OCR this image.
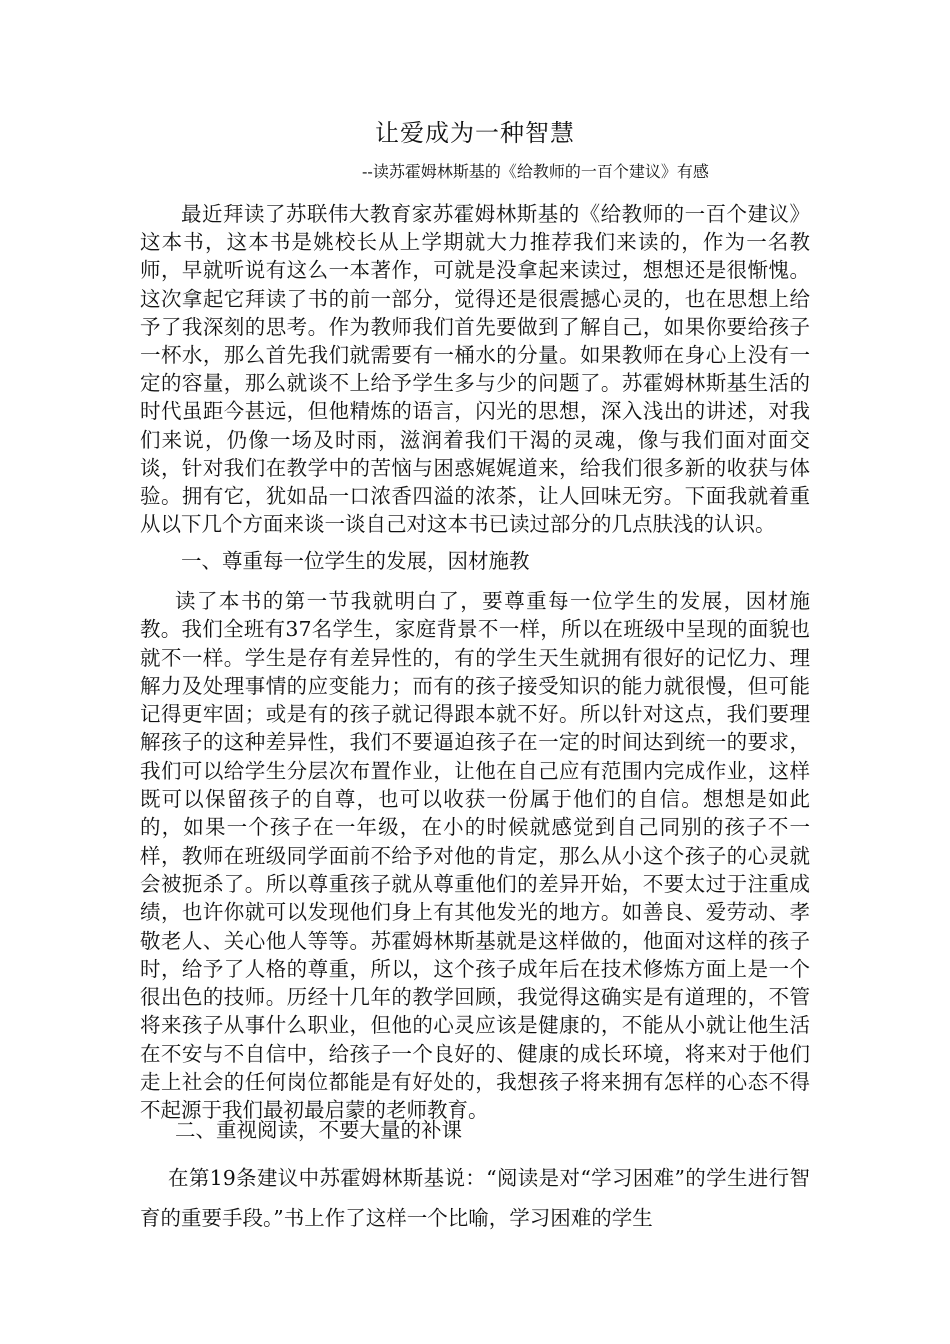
让爱成为一种智慧
--读苏霍姆林斯基的《给教师的一百个建议》有感

最近拜读了苏联伟大教育家苏霍姆林斯基的《给教师的一百个建议》这本书，这本书是姚校长从上学期就大力推荐我们来读的，作为一名教师，早就听说有这么一本著作，可就是没拿起来读过，想想还是很惭愧。这次拿起它拜读了书的前一部分，觉得还是很震撼心灵的，也在思想上给予了我深刻的思考。作为教师我们首先要做到了解自己，如果你要给孩子一杯水，那么首先我们就需要有一桶水的分量。如果教师在身心上没有一定的容量，那么就谈不上给予学生多与少的问题了。苏霍姆林斯基生活的时代虽距今甚远，但他精炼的语言，闪光的思想，深入浅出的讲述，对我们来说，仍像一场及时雨，滋润着我们干渴的灵魂，像与我们面对面交谈，针对我们在教学中的苦恼与困惑娓娓道来，给我们很多新的收获与体验。拥有它，犹如品一口浓香四溢的浓茶，让人回味无穷。下面我就着重从以下几个方面来谈一谈自己对这本书已读过部分的几点肤浅的认识。

一、尊重每一位学生的发展，因材施教

读了本书的第一节我就明白了，要尊重每一位学生的发展，因材施教。我们全班有37名学生，家庭背景不一样，所以在班级中呈现的面貌也就不一样。学生是存有差异性的，有的学生天生就拥有很好的记忆力、理解力及处理事情的应变能力；而有的孩子接受知识的能力就很慢，但可能记得更牢固；或是有的孩子就记得跟本就不好。所以针对这点，我们要理解孩子的这种差异性，我们不要逼迫孩子在一定的时间达到统一的要求，我们可以给学生分层次布置作业，让他在自己应有范围内完成作业，这样既可以保留孩子的自尊，也可以收获一份属于他们的自信。想想是如此的，如果一个孩子在一年级，在小的时候就感觉到自己同别的孩子不一样，教师在班级同学面前不给予对他的肯定，那么从小这个孩子的心灵就会被扼杀了。所以尊重孩子就从尊重他们的差异开始，不要太过于注重成绩，也许你就可以发现他们身上有其他发光的地方。如善良、爱劳动、孝敬老人、关心他人等等。苏霍姆林斯基就是这样做的，他面对这样的孩子时，给予了人格的尊重，所以，这个孩子成年后在技术修炼方面上是一个很出色的技师。历经十几年的教学回顾，我觉得这确实是有道理的，不管将来孩子从事什么职业，但他的心灵应该是健康的，不能从小就让他生活在不安与不自信中，给孩子一个良好的、健康的成长环境，将来对于他们走上社会的任何岗位都能是有好处的，我想孩子将来拥有怎样的心态不得不起源于我们最初最启蒙的老师教育。

二、重视阅读，不要大量的补课

在第19条建议中苏霍姆林斯基说：“阅读是对“学习困难”的学生进行智育的重要手段。”书上作了这样一个比喻，学习困难的学生
